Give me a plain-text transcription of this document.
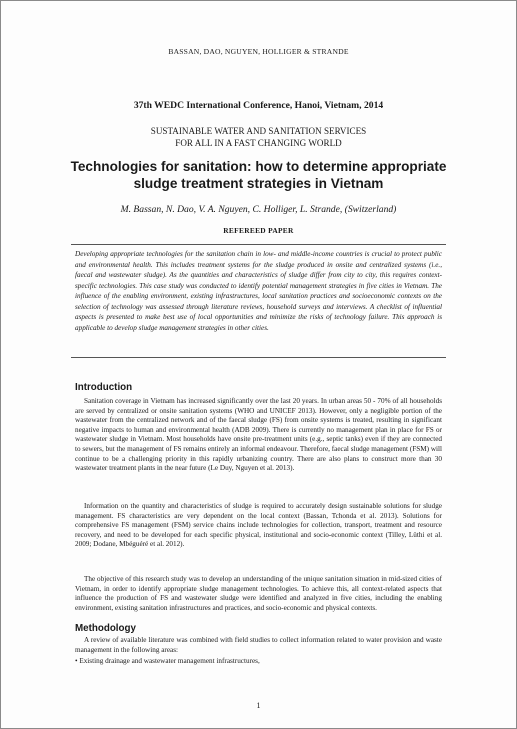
BASSAN, DAO, NGUYEN, HOLLIGER & STRANDE
37th WEDC International Conference, Hanoi, Vietnam, 2014
SUSTAINABLE WATER AND SANITATION SERVICES
FOR ALL IN A FAST CHANGING WORLD
Technologies for sanitation: how to determine appropriate sludge treatment strategies in Vietnam
M. Bassan, N. Dao, V. A. Nguyen, C. Holliger, L. Strande, (Switzerland)
REFEREED PAPER

Developing appropriate technologies for the sanitation chain in low- and middle-income countries is crucial to protect public and environmental health. This includes treatment systems for the sludge produced in onsite and centralized systems (i.e., faecal and wastewater sludge). As the quantities and characteristics of sludge differ from city to city, this requires context-specific technologies. This case study was conducted to identify potential management strategies in five cities in Vietnam. The influence of the enabling environment, existing infrastructures, local sanitation practices and socioeconomic contexts on the selection of technology was assessed through literature reviews, household surveys and interviews. A checklist of influential aspects is presented to make best use of local opportunities and minimize the risks of technology failure. This approach is applicable to develop sludge management strategies in other cities.

Introduction

Sanitation coverage in Vietnam has increased significantly over the last 20 years. In urban areas 50 - 70% of all households are served by centralized or onsite sanitation systems (WHO and UNICEF 2013). However, only a negligible portion of the wastewater from the centralized network and of the faecal sludge (FS) from onsite systems is treated, resulting in significant negative impacts to human and environmental health (ADB 2009). There is currently no management plan in place for FS or wastewater sludge in Vietnam. Most households have onsite pre-treatment units (e.g., septic tanks) even if they are connected to sewers, but the management of FS remains entirely an informal endeavour. Therefore, faecal sludge management (FSM) will continue to be a challenging priority in this rapidly urbanizing country. There are also plans to construct more than 30 wastewater treatment plants in the near future (Le Duy, Nguyen et al. 2013).

Information on the quantity and characteristics of sludge is required to accurately design sustainable solutions for sludge management. FS characteristics are very dependent on the local context (Bassan, Tchonda et al. 2013). Solutions for comprehensive FS management (FSM) service chains include technologies for collection, transport, treatment and resource recovery, and need to be developed for each specific physical, institutional and socio-economic context (Tilley, Lüthi et al. 2009; Dodane, Mbéguéré et al. 2012).

The objective of this research study was to develop an understanding of the unique sanitation situation in mid-sized cities of Vietnam, in order to identify appropriate sludge management technologies. To achieve this, all context-related aspects that influence the production of FS and wastewater sludge were identified and analyzed in five cities, including the enabling environment, existing sanitation infrastructures and practices, and socio-economic and physical contexts.

Methodology

A review of available literature was combined with field studies to collect information related to water provision and waste management in the following areas:

• Existing drainage and wastewater management infrastructures,

1
